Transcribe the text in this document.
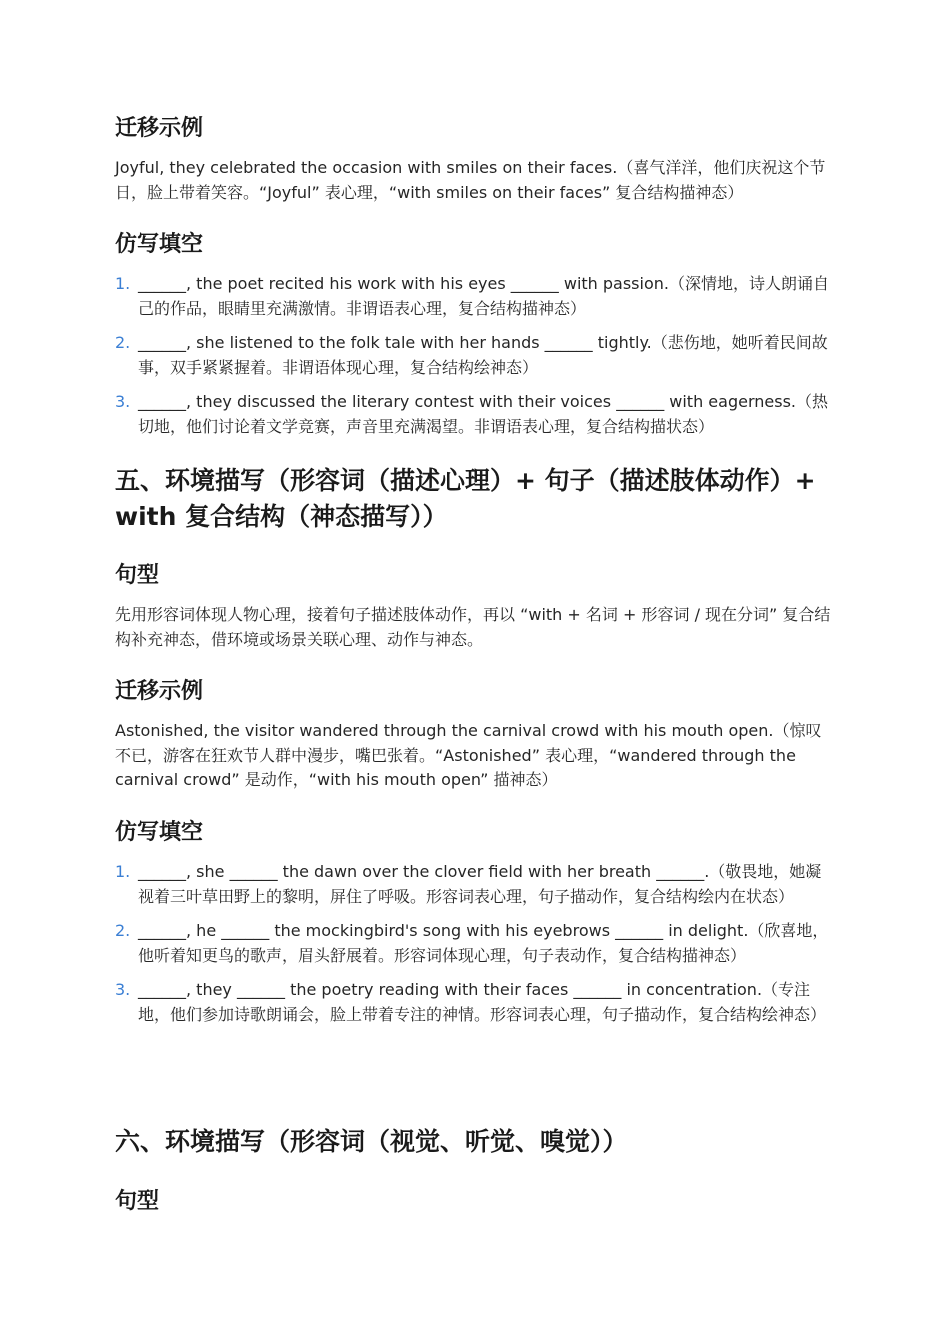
迁移示例

Joyful, they celebrated the occasion with smiles on their faces.（喜气洋洋，他们庆祝这个节日，脸上带着笑容。“Joyful” 表心理，“with smiles on their faces” 复合结构描神态）

仿写填空
1. ______, the poet recited his work with his eyes ______ with passion.（深情地，诗人朗诵自己的作品，眼睛里充满激情。非谓语表心理，复合结构描神态）
2. ______, she listened to the folk tale with her hands ______ tightly.（悲伤地，她听着民间故事，双手紧紧握着。非谓语体现心理，复合结构绘神态）
3. ______, they discussed the literary contest with their voices ______ with eagerness.（热切地，他们讨论着文学竞赛，声音里充满渴望。非谓语表心理，复合结构描状态）
五、环境描写（形容词（描述心理）+ 句子（描述肢体动作）+ with 复合结构（神态描写））
句型

先用形容词体现人物心理，接着句子描述肢体动作，再以 “with + 名词 + 形容词 / 现在分词” 复合结构补充神态，借环境或场景关联心理、动作与神态。

迁移示例

Astonished, the visitor wandered through the carnival crowd with his mouth open.（惊叹不已，游客在狂欢节人群中漫步，嘴巴张着。“Astonished” 表心理，“wandered through the carnival crowd” 是动作，“with his mouth open” 描神态）

仿写填空
1. ______, she ______ the dawn over the clover field with her breath ______.（敬畏地，她凝视着三叶草田野上的黎明，屏住了呼吸。形容词表心理，句子描动作，复合结构绘内在状态）
2. ______, he ______ the mockingbird's song with his eyebrows ______ in delight.（欣喜地，他听着知更鸟的歌声，眉头舒展着。形容词体现心理，句子表动作，复合结构描神态）
3. ______, they ______ the poetry reading with their faces ______ in concentration.（专注地，他们参加诗歌朗诵会，脸上带着专注的神情。形容词表心理，句子描动作，复合结构绘神态）
六、环境描写（形容词（视觉、听觉、嗅觉））
句型
